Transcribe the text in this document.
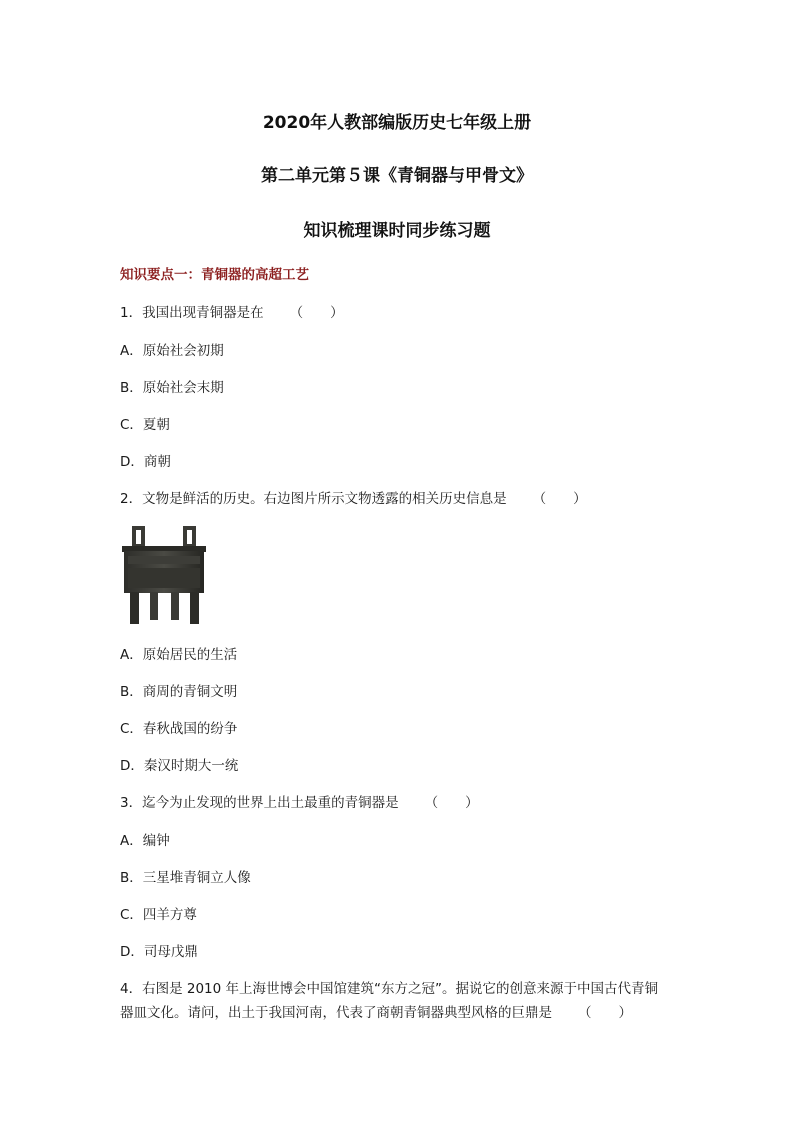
2020年人教部编版历史七年级上册
第二单元第５课《青铜器与甲骨文》
知识梳理课时同步练习题
知识要点一：青铜器的高超工艺
1．我国出现青铜器是在 （　　）
A．原始社会初期
B．原始社会末期
C．夏朝
D．商朝
2．文物是鲜活的历史。右边图片所示文物透露的相关历史信息是 （　　）
A．原始居民的生活
B．商周的青铜文明
C．春秋战国的纷争
D．秦汉时期大一统
3．迄今为止发现的世界上出土最重的青铜器是 （　　）
A．编钟
B．三星堆青铜立人像
C．四羊方尊
D．司母戊鼎
4．右图是 2010 年上海世博会中国馆建筑“东方之冠”。据说它的创意来源于中国古代青铜
器皿文化。请问，出土于我国河南，代表了商朝青铜器典型风格的巨鼎是 （　　）
